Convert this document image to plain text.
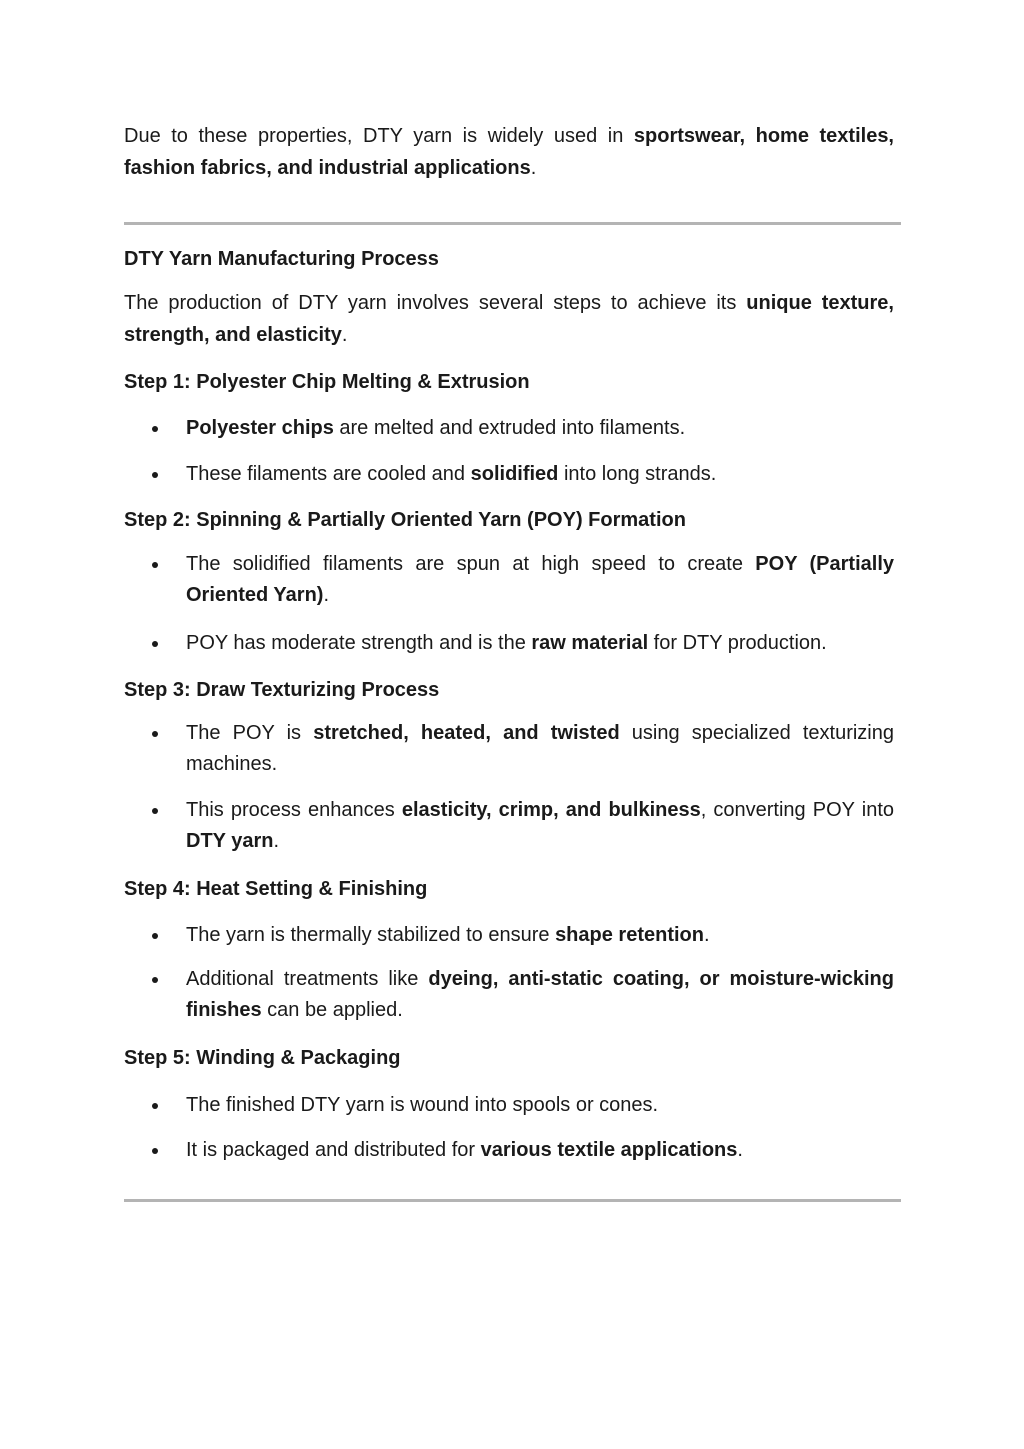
Due to these properties, DTY yarn is widely used in sportswear, home textiles, fashion fabrics, and industrial applications.

DTY Yarn Manufacturing Process

The production of DTY yarn involves several steps to achieve its unique texture, strength, and elasticity.

Step 1: Polyester Chip Melting & Extrusion

Polyester chips are melted and extruded into filaments.
These filaments are cooled and solidified into long strands.

Step 2: Spinning & Partially Oriented Yarn (POY) Formation

The solidified filaments are spun at high speed to create POY (Partially Oriented Yarn).
POY has moderate strength and is the raw material for DTY production.

Step 3: Draw Texturizing Process

The POY is stretched, heated, and twisted using specialized texturizing machines.
This process enhances elasticity, crimp, and bulkiness, converting POY into DTY yarn.

Step 4: Heat Setting & Finishing

The yarn is thermally stabilized to ensure shape retention.
Additional treatments like dyeing, anti-static coating, or moisture-wicking finishes can be applied.

Step 5: Winding & Packaging

The finished DTY yarn is wound into spools or cones.
It is packaged and distributed for various textile applications.
